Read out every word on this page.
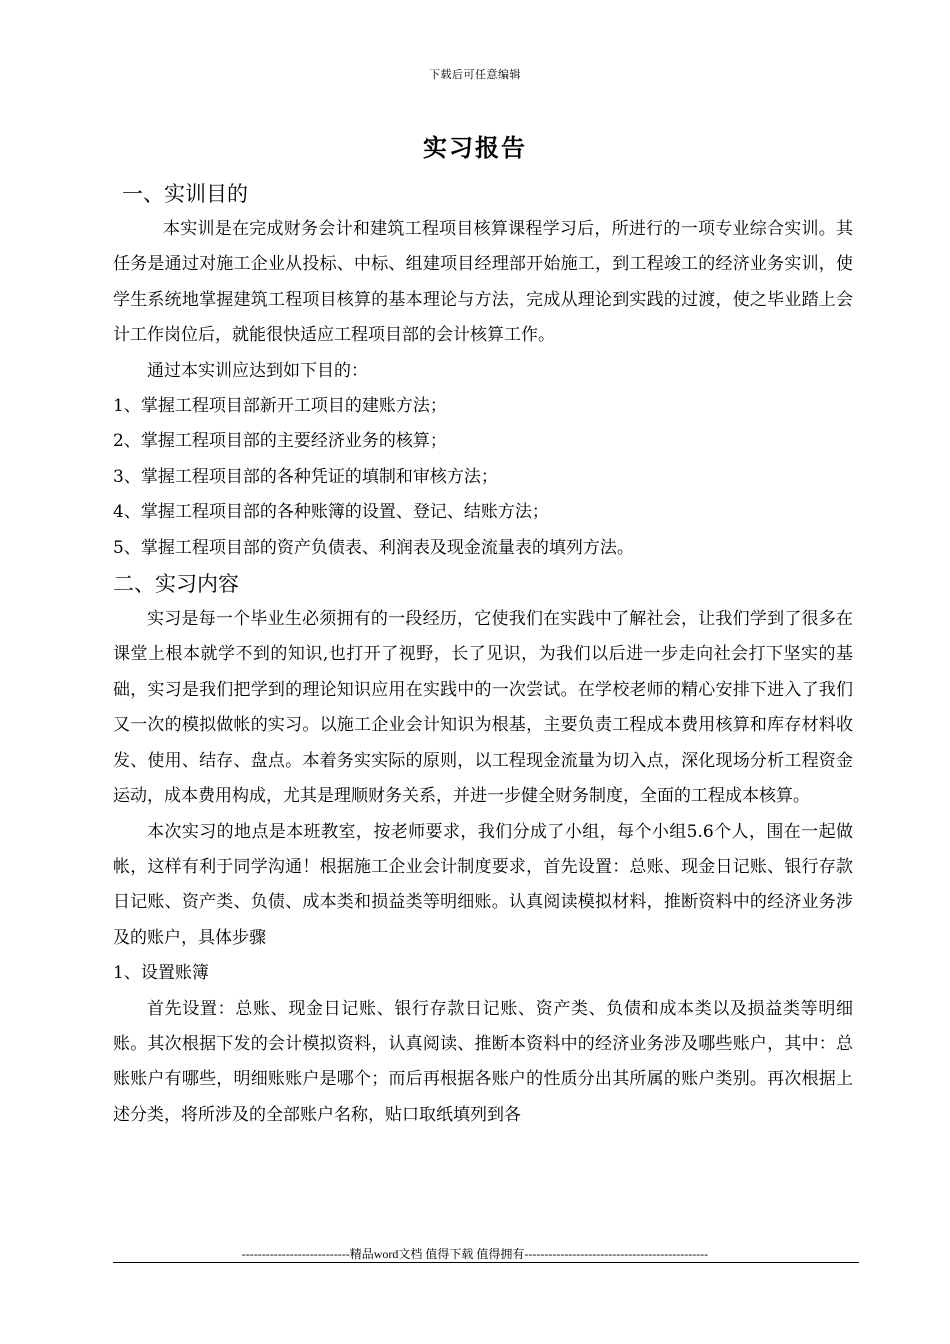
下载后可任意编辑
实习报告

一、实训目的

本实训是在完成财务会计和建筑工程项目核算课程学习后，所进行的一项专业综合实训。其任务是通过对施工企业从投标、中标、组建项目经理部开始施工，到工程竣工的经济业务实训，使学生系统地掌握建筑工程项目核算的基本理论与方法，完成从理论到实践的过渡，使之毕业踏上会计工作岗位后，就能很快适应工程项目部的会计核算工作。

通过本实训应达到如下目的：

1、掌握工程项目部新开工项目的建账方法；

2、掌握工程项目部的主要经济业务的核算；

3、掌握工程项目部的各种凭证的填制和审核方法；

4、掌握工程项目部的各种账簿的设置、登记、结账方法；

5、掌握工程项目部的资产负债表、利润表及现金流量表的填列方法。

二、实习内容

实习是每一个毕业生必须拥有的一段经历，它使我们在实践中了解社会，让我们学到了很多在课堂上根本就学不到的知识,也打开了视野，长了见识，为我们以后进一步走向社会打下坚实的基础，实习是我们把学到的理论知识应用在实践中的一次尝试。在学校老师的精心安排下进入了我们又一次的模拟做帐的实习。以施工企业会计知识为根基，主要负责工程成本费用核算和库存材料收发、使用、结存、盘点。本着务实实际的原则，以工程现金流量为切入点，深化现场分析工程资金运动，成本费用构成，尤其是理顺财务关系，并进一步健全财务制度，全面的工程成本核算。

本次实习的地点是本班教室，按老师要求，我们分成了小组，每个小组5.6个人，围在一起做帐，这样有利于同学沟通！根据施工企业会计制度要求，首先设置：总账、现金日记账、银行存款日记账、资产类、负债、成本类和损益类等明细账。认真阅读模拟材料，推断资料中的经济业务涉及的账户，具体步骤

1、设置账簿

首先设置：总账、现金日记账、银行存款日记账、资产类、负债和成本类以及损益类等明细账。其次根据下发的会计模拟资料，认真阅读、推断本资料中的经济业务涉及哪些账户，其中：总账账户有哪些，明细账账户是哪个；而后再根据各账户的性质分出其所属的账户类别。再次根据上述分类，将所涉及的全部账户名称，贴口取纸填列到各

---------------------------精品word文档 值得下载 值得拥有----------------------------------------------
